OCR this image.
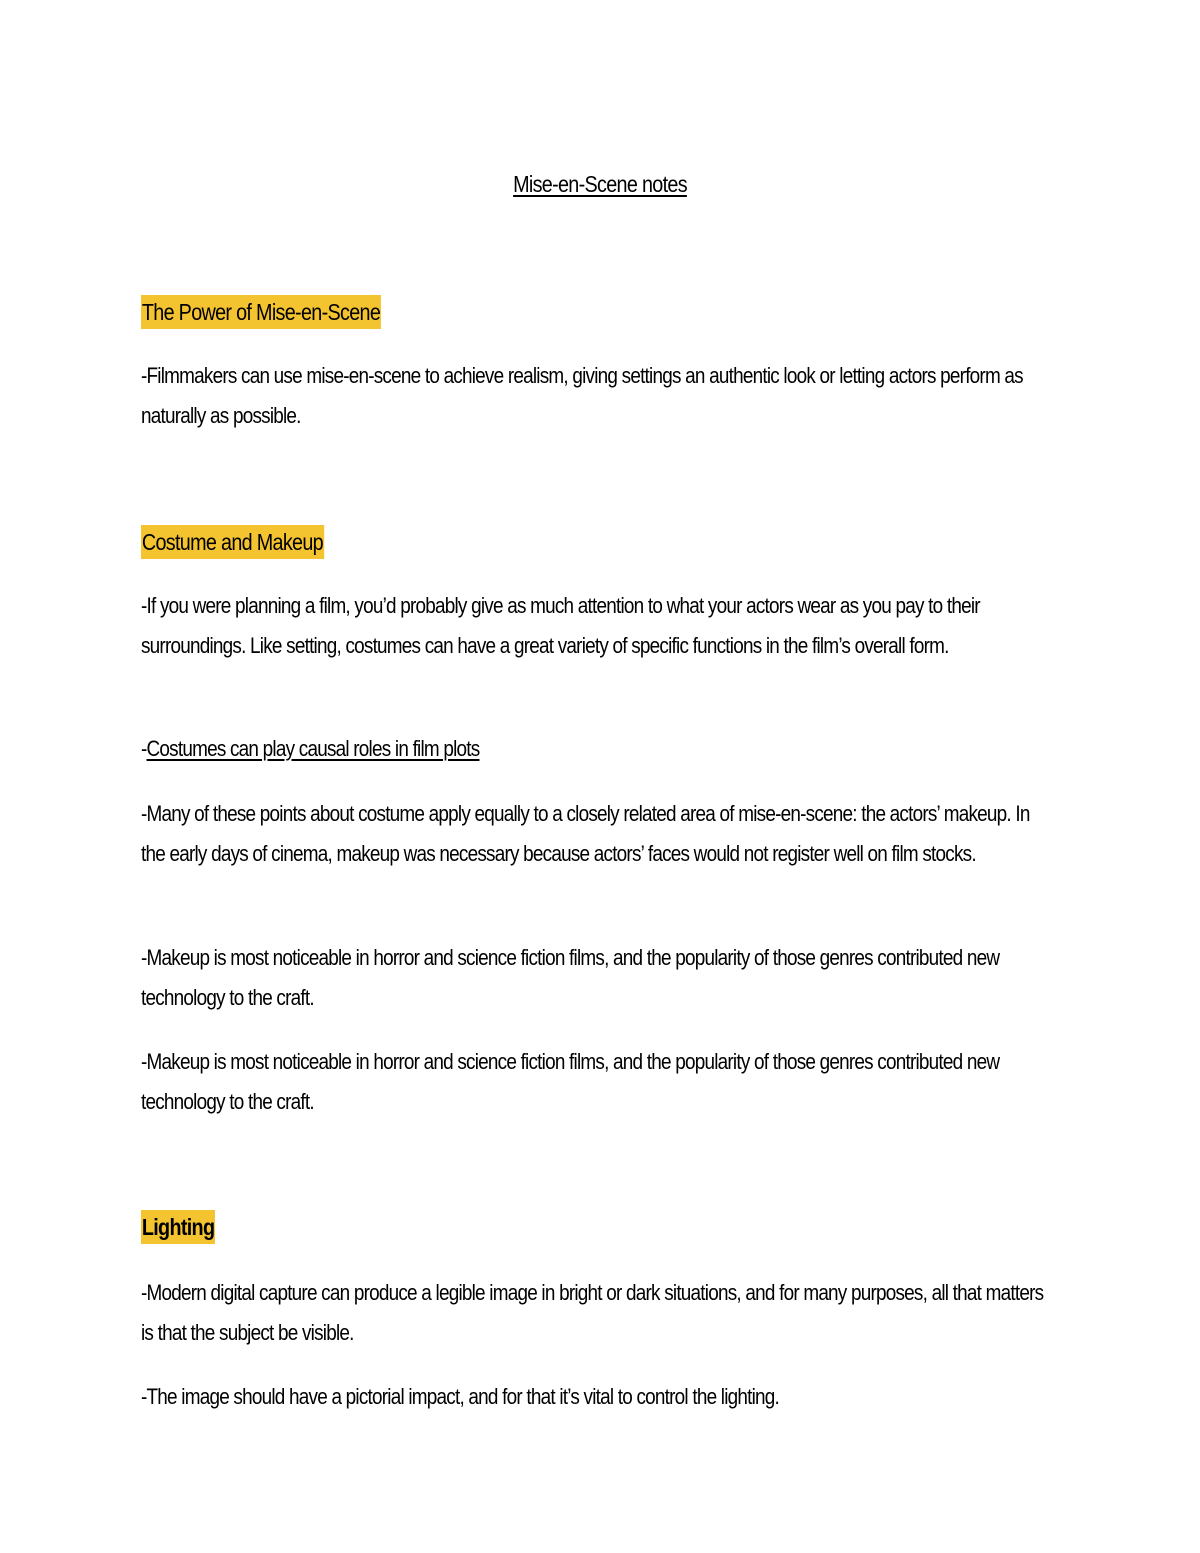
Mise-en-Scene notes
The Power of Mise-en-Scene

-Filmmakers can use mise-en-scene to achieve realism, giving settings an authentic look or letting actors perform as naturally as possible.

Costume and Makeup

-If you were planning a film, you’d probably give as much attention to what your actors wear as you pay to their surroundings. Like setting, costumes can have a great variety of specific functions in the film’s overall form.

-Costumes can play causal roles in film plots

-Many of these points about costume apply equally to a closely related area of mise-en-scene: the actors’ makeup. In the early days of cinema, makeup was necessary because actors’ faces would not register well on film stocks.

-Makeup is most noticeable in horror and science fiction films, and the popularity of those genres contributed new technology to the craft.

-Makeup is most noticeable in horror and science fiction films, and the popularity of those genres contributed new technology to the craft.

Lighting

-Modern digital capture can produce a legible image in bright or dark situations, and for many purposes, all that matters is that the subject be visible.

-The image should have a pictorial impact, and for that it’s vital to control the lighting.
